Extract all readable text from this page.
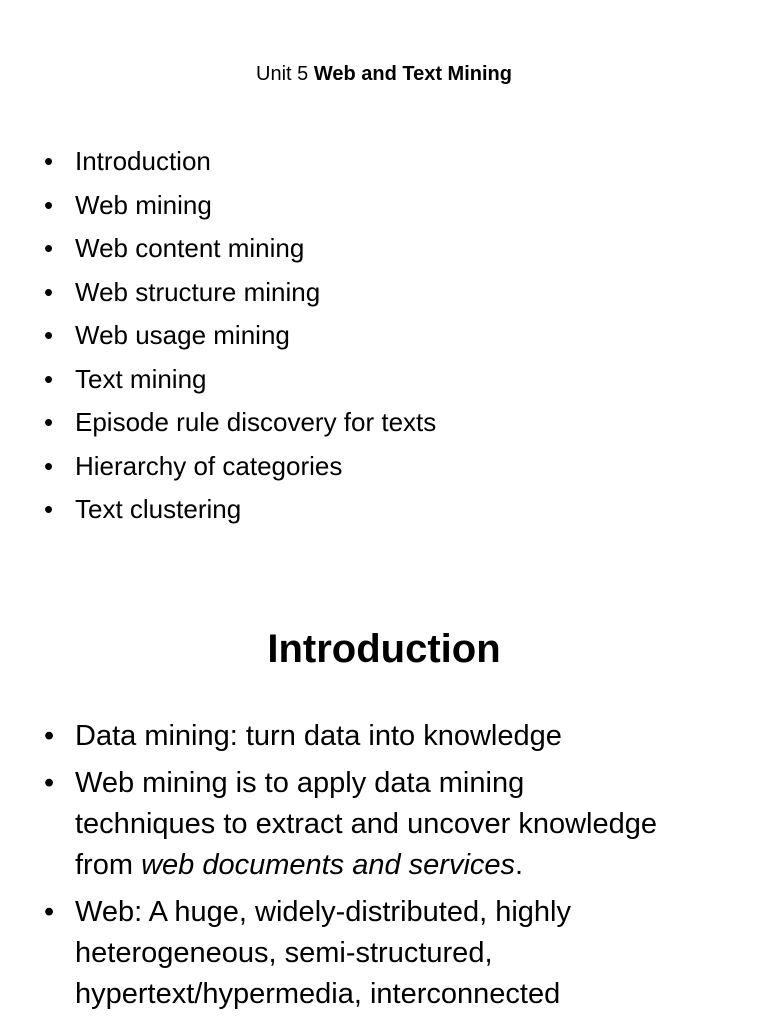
Unit 5 Web and Text Mining
• Introduction
• Web mining
• Web content mining
• Web structure mining
• Web usage mining
• Text mining
• Episode rule discovery for texts
• Hierarchy of categories
• Text clustering
Introduction
• Data mining: turn data into knowledge
• Web mining is to apply data mining
techniques to extract and uncover knowledge
from web documents and services.
• Web: A huge, widely-distributed, highly
heterogeneous, semi-structured,
hypertext/hypermedia, interconnected
